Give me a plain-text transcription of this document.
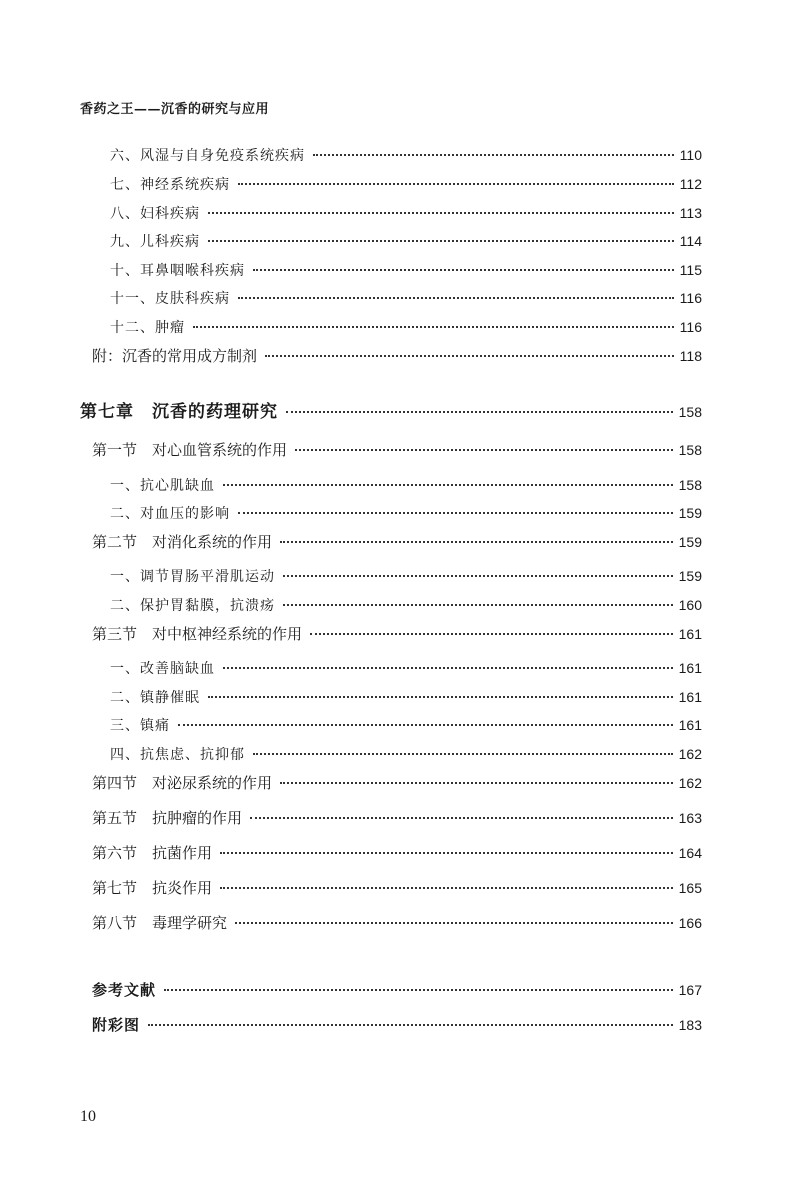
香药之王——沉香的研究与应用
六、风湿与自身免疫系统疾病	110
七、神经系统疾病	112
八、妇科疾病	113
九、儿科疾病	114
十、耳鼻咽喉科疾病	115
十一、皮肤科疾病	116
十二、肿瘤	116
附：沉香的常用成方制剂	118
第七章　沉香的药理研究	158
第一节　对心血管系统的作用	158
一、抗心肌缺血	158
二、对血压的影响	159
第二节　对消化系统的作用	159
一、调节胃肠平滑肌运动	159
二、保护胃黏膜，抗溃疡	160
第三节　对中枢神经系统的作用	161
一、改善脑缺血	161
二、镇静催眠	161
三、镇痛	161
四、抗焦虑、抗抑郁	162
第四节　对泌尿系统的作用	162
第五节　抗肿瘤的作用	163
第六节　抗菌作用	164
第七节　抗炎作用	165
第八节　毒理学研究	166
参考文献	167
附彩图	183
10
